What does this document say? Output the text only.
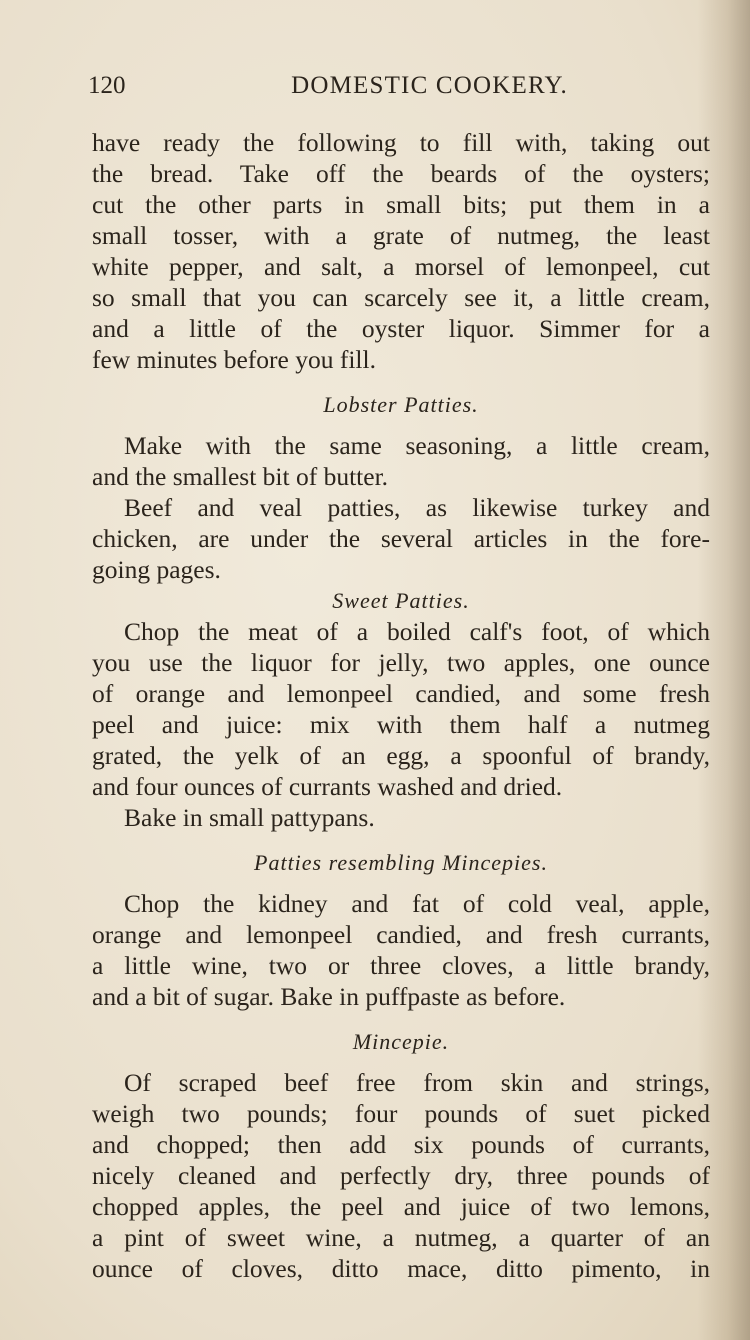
120	DOMESTIC COOKERY.
have ready the following to fill with, taking out
the bread. Take off the beards of the oysters;
cut the other parts in small bits; put them in a
small tosser, with a grate of nutmeg, the least
white pepper, and salt, a morsel of lemonpeel, cut
so small that you can scarcely see it, a little cream,
and a little of the oyster liquor. Simmer for a
few minutes before you fill.
Lobster Patties.
Make with the same seasoning, a little cream,
and the smallest bit of butter.
Beef and veal patties, as likewise turkey and
chicken, are under the several articles in the fore-
going pages.
Sweet Patties.
Chop the meat of a boiled calf's foot, of which
you use the liquor for jelly, two apples, one ounce
of orange and lemonpeel candied, and some fresh
peel and juice: mix with them half a nutmeg
grated, the yelk of an egg, a spoonful of brandy,
and four ounces of currants washed and dried.
Bake in small pattypans.
Patties resembling Mincepies.
Chop the kidney and fat of cold veal, apple,
orange and lemonpeel candied, and fresh currants,
a little wine, two or three cloves, a little brandy,
and a bit of sugar. Bake in puffpaste as before.
Mincepie.
Of scraped beef free from skin and strings,
weigh two pounds; four pounds of suet picked
and chopped; then add six pounds of currants,
nicely cleaned and perfectly dry, three pounds of
chopped apples, the peel and juice of two lemons,
a pint of sweet wine, a nutmeg, a quarter of an
ounce of cloves, ditto mace, ditto pimento, in
